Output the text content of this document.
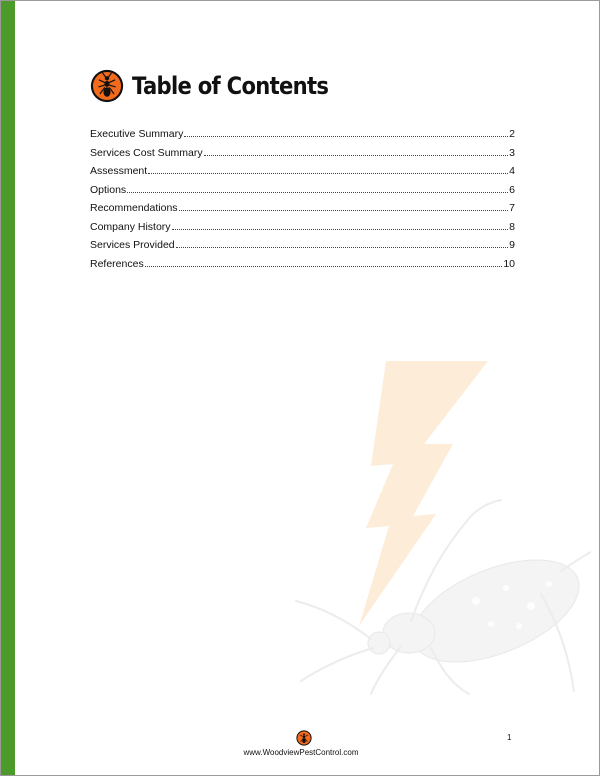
Table of Contents
Executive Summary	2
Services Cost Summary	3
Assessment	4
Options	6
Recommendations	7
Company History	8
Services Provided	9
References	10
www.WoodviewPestControl.com
1
